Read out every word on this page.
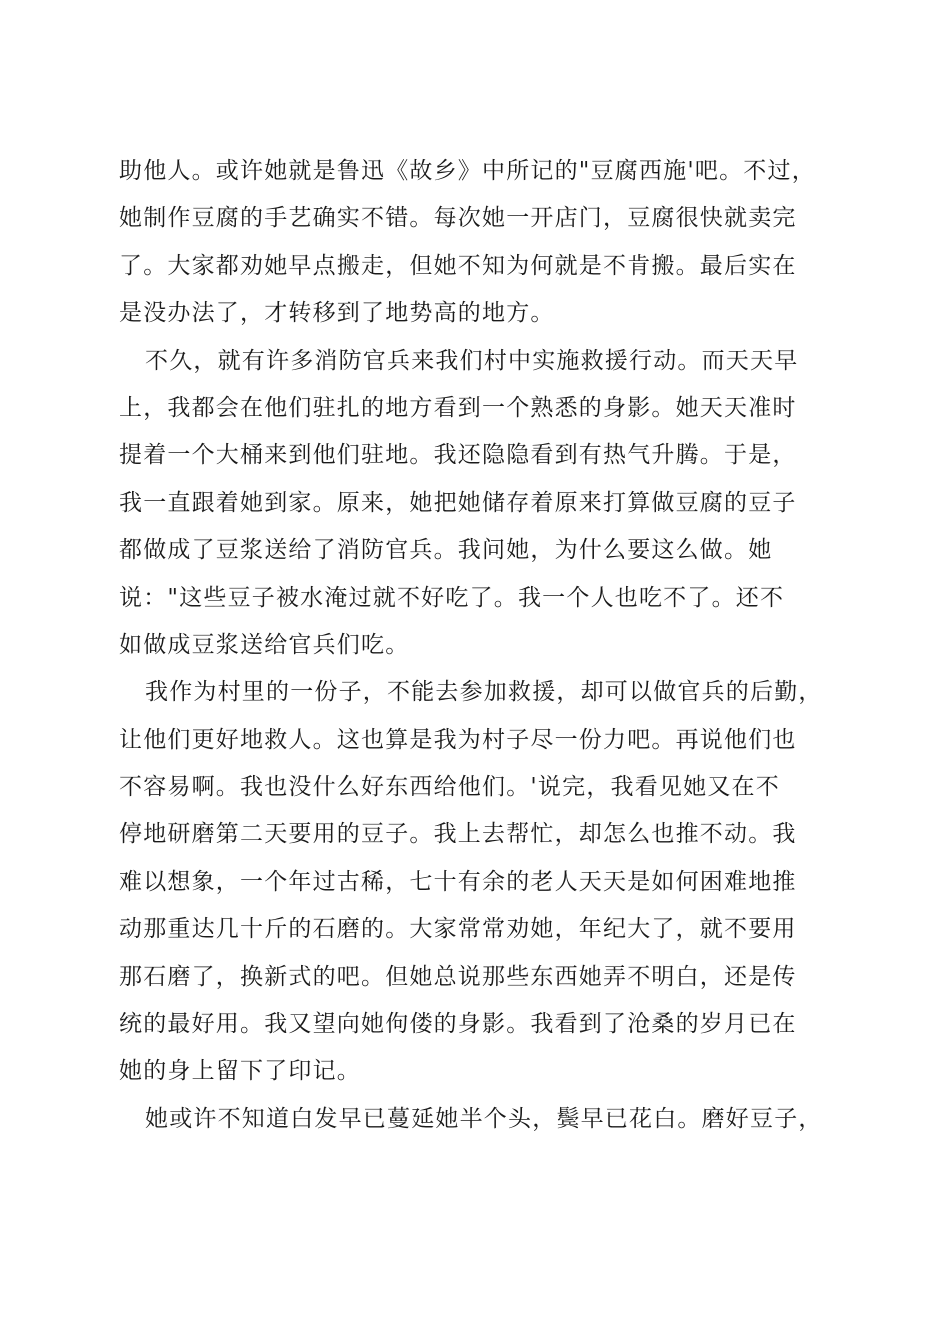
助他人。或许她就是鲁迅《故乡》中所记的"豆腐西施'吧。不过，
她制作豆腐的手艺确实不错。每次她一开店门，豆腐很快就卖完
了。大家都劝她早点搬走，但她不知为何就是不肯搬。最后实在
是没办法了，才转移到了地势高的地方。
不久，就有许多消防官兵来我们村中实施救援行动。而天天早
上，我都会在他们驻扎的地方看到一个熟悉的身影。她天天准时
提着一个大桶来到他们驻地。我还隐隐看到有热气升腾。于是，
我一直跟着她到家。原来，她把她储存着原来打算做豆腐的豆子
都做成了豆浆送给了消防官兵。我问她，为什么要这么做。她
说："这些豆子被水淹过就不好吃了。我一个人也吃不了。还不
如做成豆浆送给官兵们吃。
我作为村里的一份子，不能去参加救援，却可以做官兵的后勤，
让他们更好地救人。这也算是我为村子尽一份力吧。再说他们也
不容易啊。我也没什么好东西给他们。'说完，我看见她又在不
停地研磨第二天要用的豆子。我上去帮忙，却怎么也推不动。我
难以想象，一个年过古稀，七十有余的老人天天是如何困难地推
动那重达几十斤的石磨的。大家常常劝她，年纪大了，就不要用
那石磨了，换新式的吧。但她总说那些东西她弄不明白，还是传
统的最好用。我又望向她佝偻的身影。我看到了沧桑的岁月已在
她的身上留下了印记。
她或许不知道白发早已蔓延她半个头，鬓早已花白。磨好豆子，
